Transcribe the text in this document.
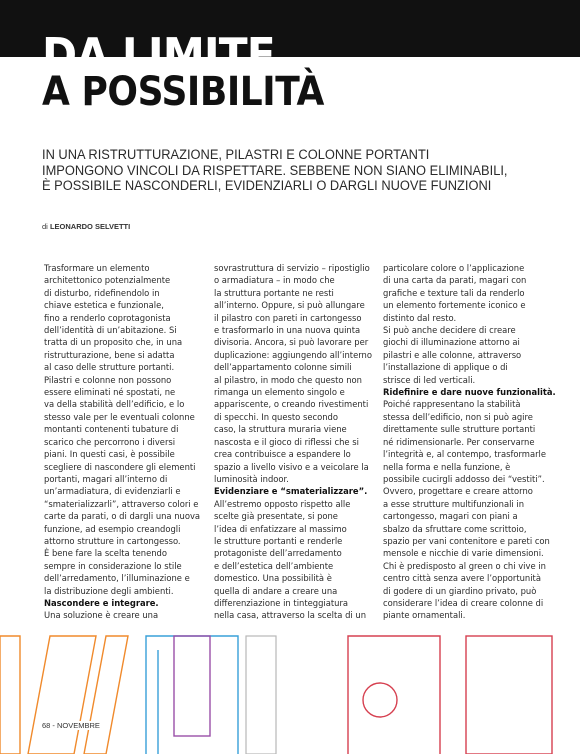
DA LIMITE
A POSSIBILITÀ
IN UNA RISTRUTTURAZIONE, PILASTRI E COLONNE PORTANTI
IMPONGONO VINCOLI DA RISPETTARE. SEBBENE NON SIANO ELIMINABILI,
È POSSIBILE NASCONDERLI, EVIDENZIARLI O DARGLI NUOVE FUNZIONI
di LEONARDO SELVETTI
Trasformare un elemento
architettonico potenzialmente
di disturbo, ridefinendolo in
chiave estetica e funzionale,
fino a renderlo coprotagonista
dell’identità di un’abitazione. Si
tratta di un proposito che, in una
ristrutturazione, bene si adatta
al caso delle strutture portanti.
Pilastri e colonne non possono
essere eliminati né spostati, ne
va della stabilità dell’edificio, e lo
stesso vale per le eventuali colonne
montanti contenenti tubature di
scarico che percorrono i diversi
piani. In questi casi, è possibile
scegliere di nascondere gli elementi
portanti, magari all’interno di
un’armadiatura, di evidenziarli e
“smaterializzarli”, attraverso colori e
carte da parati, o di dargli una nuova
funzione, ad esempio creandogli
attorno strutture in cartongesso.
È bene fare la scelta tenendo
sempre in considerazione lo stile
dell’arredamento, l’illuminazione e
la distribuzione degli ambienti.
Nascondere e integrare.
Una soluzione è creare una
sovrastruttura di servizio – ripostiglio
o armadiatura – in modo che
la struttura portante ne resti
all’interno. Oppure, si può allungare
il pilastro con pareti in cartongesso
e trasformarlo in una nuova quinta
divisoria. Ancora, si può lavorare per
duplicazione: aggiungendo all’interno
dell’appartamento colonne simili
al pilastro, in modo che questo non
rimanga un elemento singolo e
appariscente, o creando rivestimenti
di specchi. In questo secondo
caso, la struttura muraria viene
nascosta e il gioco di riflessi che si
crea contribuisce a espandere lo
spazio a livello visivo e a veicolare la
luminosità indoor.
Evidenziare e “smaterializzare”.
All’estremo opposto rispetto alle
scelte già presentate, si pone
l’idea di enfatizzare al massimo
le strutture portanti e renderle
protagoniste dell’arredamento
e dell’estetica dell’ambiente
domestico. Una possibilità è
quella di andare a creare una
differenziazione in tinteggiatura
nella casa, attraverso la scelta di un
particolare colore o l’applicazione
di una carta da parati, magari con
grafiche e texture tali da renderlo
un elemento fortemente iconico e
distinto dal resto.
Si può anche decidere di creare
giochi di illuminazione attorno ai
pilastri e alle colonne, attraverso
l’installazione di applique o di
strisce di led verticali.
Ridefinire e dare nuove funzionalità.
Poiché rappresentano la stabilità
stessa dell’edificio, non si può agire
direttamente sulle strutture portanti
né ridimensionarle. Per conservarne
l’integrità e, al contempo, trasformarle
nella forma e nella funzione, è
possibile cucirgli addosso dei “vestiti”.
Ovvero, progettare e creare attorno
a esse strutture multifunzionali in
cartongesso, magari con piani a
sbalzo da sfruttare come scrittoio,
spazio per vani contenitore e pareti con
mensole e nicchie di varie dimensioni.
Chi è predisposto al green o chi vive in
centro città senza avere l’opportunità
di godere di un giardino privato, può
considerare l’idea di creare colonne di
piante ornamentali.
68 - NOVEMBRE
